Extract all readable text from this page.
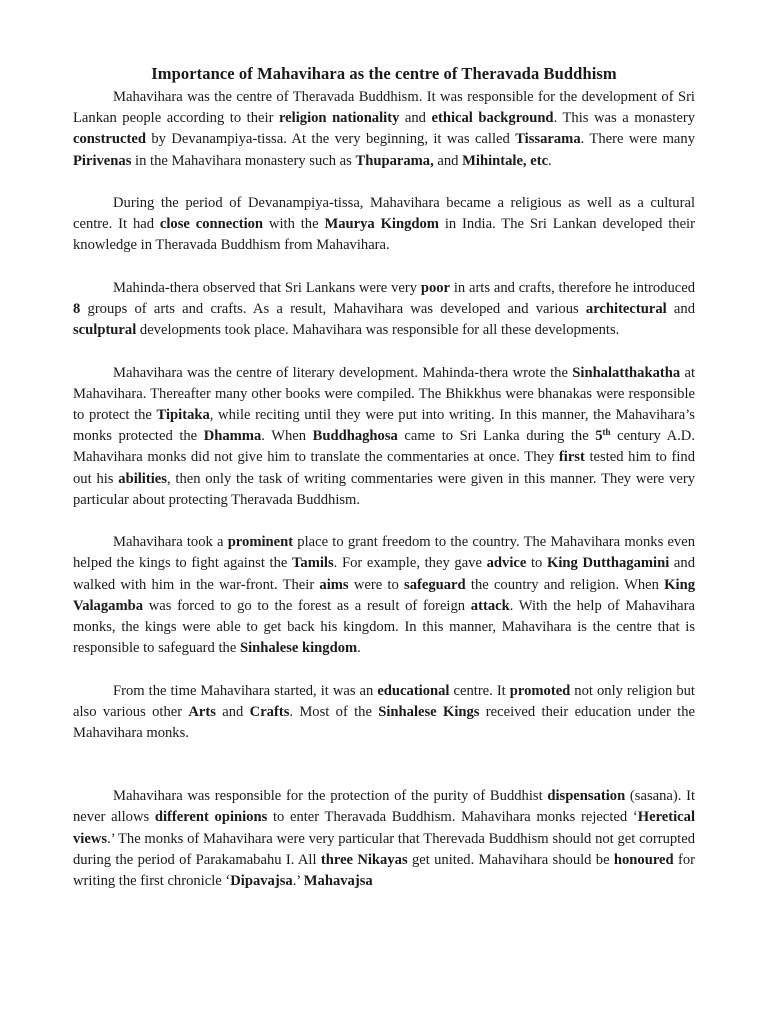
Importance of Mahavihara as the centre of Theravada Buddhism

Mahavihara was the centre of Theravada Buddhism. It was responsible for the development of Sri Lankan people according to their religion nationality and ethical background. This was a monastery constructed by Devanampiya-tissa. At the very beginning, it was called Tissarama. There were many Pirivenas in the Mahavihara monastery such as Thuparama, and Mihintale, etc.

During the period of Devanampiya-tissa, Mahavihara became a religious as well as a cultural centre. It had close connection with the Maurya Kingdom in India. The Sri Lankan developed their knowledge in Theravada Buddhism from Mahavihara.

Mahinda-thera observed that Sri Lankans were very poor in arts and crafts, therefore he introduced 8 groups of arts and crafts. As a result, Mahavihara was developed and various architectural and sculptural developments took place. Mahavihara was responsible for all these developments.

Mahavihara was the centre of literary development. Mahinda-thera wrote the Sinhalatthakatha at Mahavihara. Thereafter many other books were compiled. The Bhikkhus were bhanakas were responsible to protect the Tipitaka, while reciting until they were put into writing. In this manner, the Mahavihara’s monks protected the Dhamma. When Buddhaghosa came to Sri Lanka during the 5th century A.D. Mahavihara monks did not give him to translate the commentaries at once. They first tested him to find out his abilities, then only the task of writing commentaries were given in this manner. They were very particular about protecting Theravada Buddhism.

Mahavihara took a prominent place to grant freedom to the country. The Mahavihara monks even helped the kings to fight against the Tamils. For example, they gave advice to King Dutthagamini and walked with him in the war-front. Their aims were to safeguard the country and religion. When King Valagamba was forced to go to the forest as a result of foreign attack. With the help of Mahavihara monks, the kings were able to get back his kingdom. In this manner, Mahavihara is the centre that is responsible to safeguard the Sinhalese kingdom.

From the time Mahavihara started, it was an educational centre. It promoted not only religion but also various other Arts and Crafts. Most of the Sinhalese Kings received their education under the Mahavihara monks.

Mahavihara was responsible for the protection of the purity of Buddhist dispensation (sasana). It never allows different opinions to enter Theravada Buddhism. Mahavihara monks rejected ‘Heretical views.’ The monks of Mahavihara were very particular that Therevada Buddhism should not get corrupted during the period of Parakamabahu I. All three Nikayas get united. Mahavihara should be honoured for writing the first chronicle ‘Dipavajsa.’ Mahavajsa
